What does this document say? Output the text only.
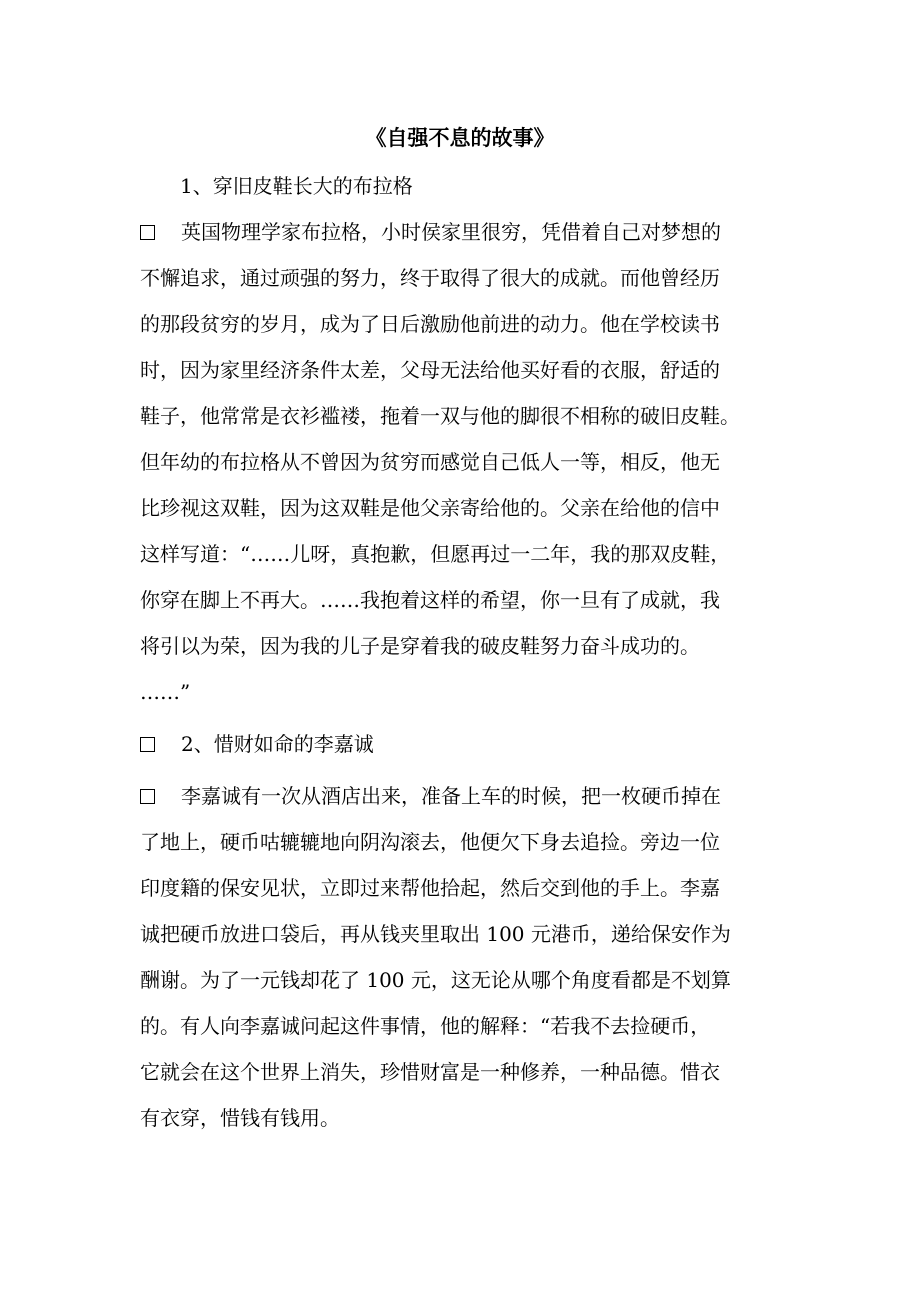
《自强不息的故事》
1、穿旧皮鞋长大的布拉格
英国物理学家布拉格，小时侯家里很穷，凭借着自己对梦想的
不懈追求，通过顽强的努力，终于取得了很大的成就。而他曾经历
的那段贫穷的岁月，成为了日后激励他前进的动力。他在学校读书
时，因为家里经济条件太差，父母无法给他买好看的衣服，舒适的
鞋子，他常常是衣衫褴褛，拖着一双与他的脚很不相称的破旧皮鞋。
但年幼的布拉格从不曾因为贫穷而感觉自己低人一等，相反，他无
比珍视这双鞋，因为这双鞋是他父亲寄给他的。父亲在给他的信中
这样写道：“……儿呀，真抱歉，但愿再过一二年，我的那双皮鞋，
你穿在脚上不再大。……我抱着这样的希望，你一旦有了成就，我
将引以为荣，因为我的儿子是穿着我的破皮鞋努力奋斗成功的。
……”
2、惜财如命的李嘉诚
李嘉诚有一次从酒店出来，准备上车的时候，把一枚硬币掉在
了地上，硬币咕辘辘地向阴沟滚去，他便欠下身去追捡。旁边一位
印度籍的保安见状，立即过来帮他拾起，然后交到他的手上。李嘉
诚把硬币放进口袋后，再从钱夹里取出 100 元港币，递给保安作为
酬谢。为了一元钱却花了 100 元，这无论从哪个角度看都是不划算
的。有人向李嘉诚问起这件事情，他的解释：“若我不去捡硬币，
它就会在这个世界上消失，珍惜财富是一种修养，一种品德。惜衣
有衣穿，惜钱有钱用。
